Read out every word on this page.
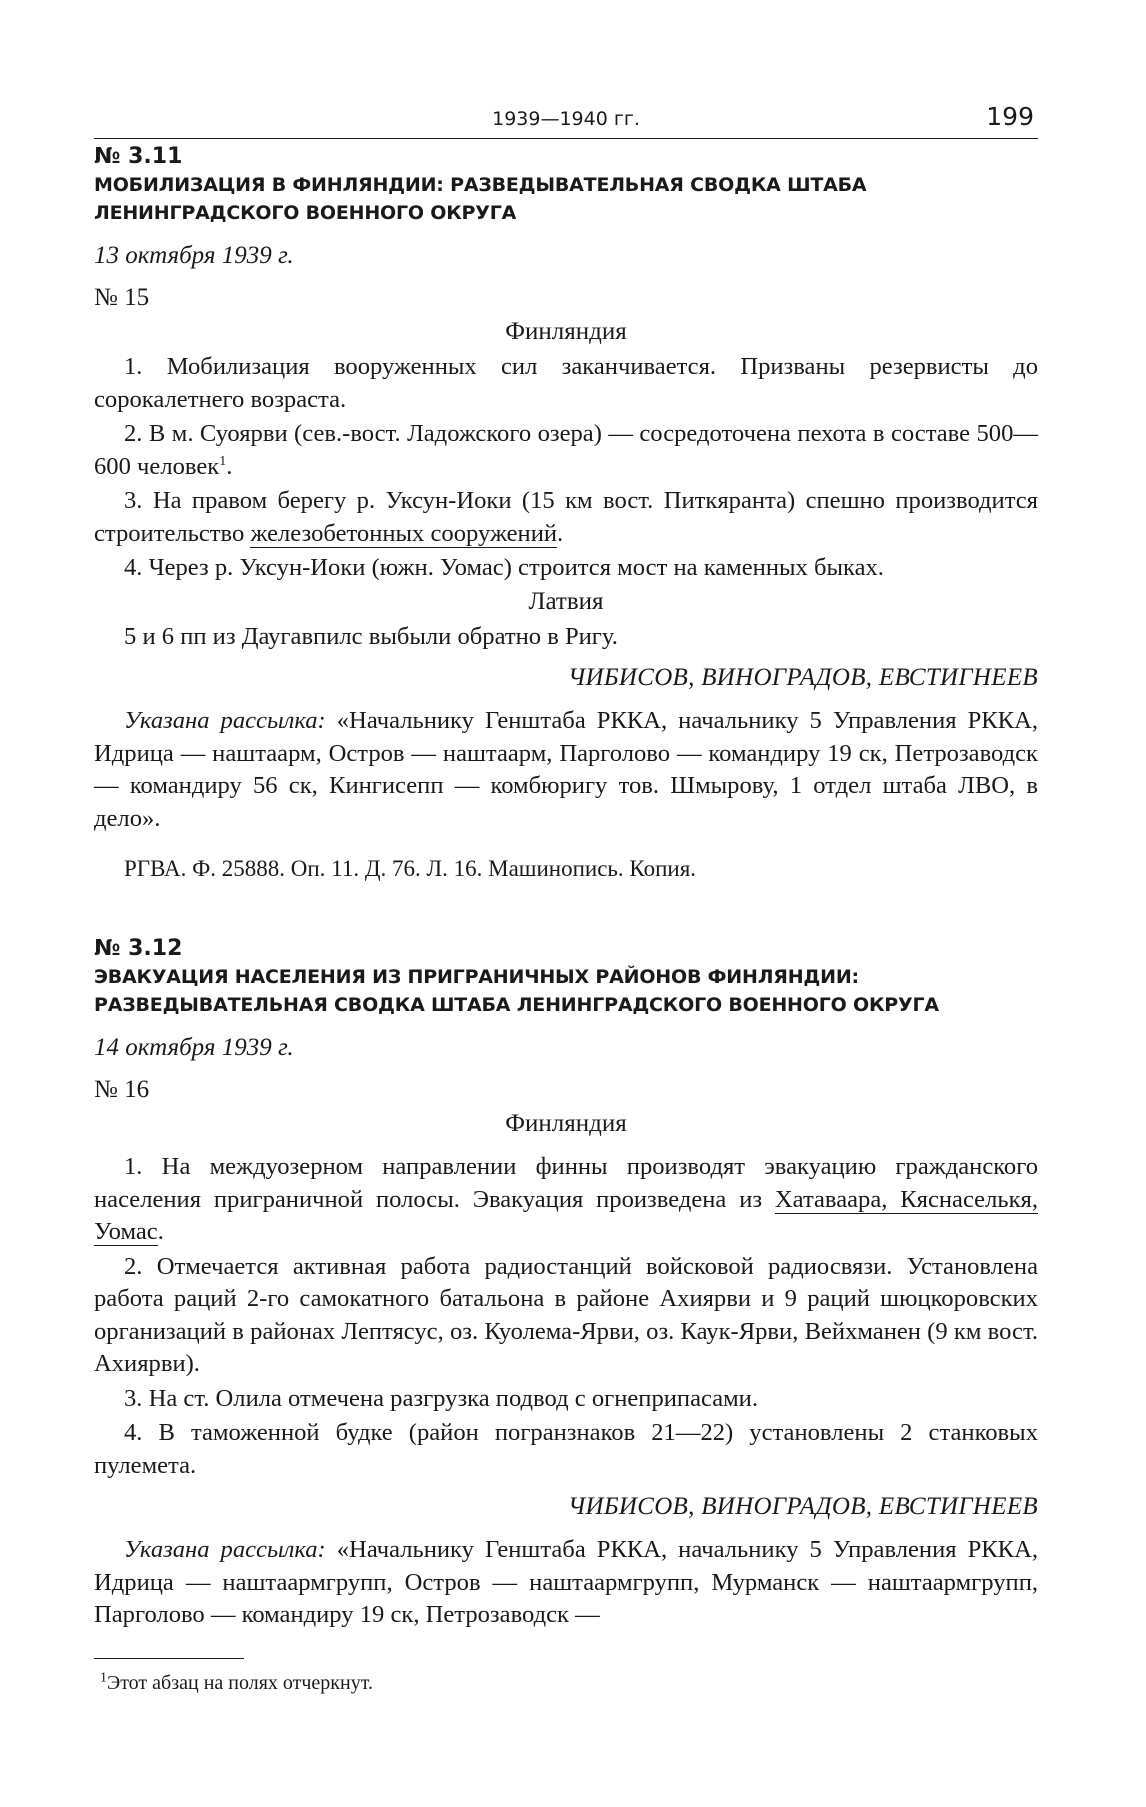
1939—1940 гг.	199
№ 3.11
МОБИЛИЗАЦИЯ В ФИНЛЯНДИИ: РАЗВЕДЫВАТЕЛЬНАЯ СВОДКА ШТАБА
ЛЕНИНГРАДСКОГО ВОЕННОГО ОКРУГА
13 октября 1939 г.
№ 15
Финляндия

1. Мобилизация вооруженных сил заканчивается. Призваны резервисты до сорокалетнего возраста.

2. В м. Суоярви (сев.-вост. Ладожского озера) — сосредоточена пехота в составе 500—600 человек$^1$.

3. На правом берегу р. Уксун-Иоки (15 км вост. Питкяранта) спешно производится строительство железобетонных сооружений.

4. Через р. Уксун-Иоки (южн. Уомас) строится мост на каменных быках.

Латвия

5 и 6 пп из Даугавпилс выбыли обратно в Ригу.

ЧИБИСОВ, ВИНОГРАДОВ, ЕВСТИГНЕЕВ

Указана рассылка: «Начальнику Генштаба РККА, начальнику 5 Управления РККА, Идрица — наштаарм, Остров — наштаарм, Парголово — командиру 19 ск, Петрозаводск — командиру 56 ск, Кингисепп — комбюригу тов. Шмырову, 1 отдел штаба ЛВО, в дело».

РГВА. Ф. 25888. Оп. 11. Д. 76. Л. 16. Машинопись. Копия.
№ 3.12
ЭВАКУАЦИЯ НАСЕЛЕНИЯ ИЗ ПРИГРАНИЧНЫХ РАЙОНОВ ФИНЛЯНДИИ:
РАЗВЕДЫВАТЕЛЬНАЯ СВОДКА ШТАБА ЛЕНИНГРАДСКОГО ВОЕННОГО ОКРУГА
14 октября 1939 г.
№ 16
Финляндия

1. На междуозерном направлении финны производят эвакуацию гражданского населения приграничной полосы. Эвакуация произведена из Хатаваара, Кяснаселькя, Уомас.

2. Отмечается активная работа радиостанций войсковой радиосвязи. Установлена работа раций 2-го самокатного батальона в районе Ахиярви и 9 раций шюцкоровских организаций в районах Лептясус, оз. Куолема-Ярви, оз. Каук-Ярви, Вейхманен (9 км вост. Ахиярви).

3. На ст. Олила отмечена разгрузка подвод с огнеприпасами.

4. В таможенной будке (район погранзнаков 21—22) установлены 2 станковых пулемета.

ЧИБИСОВ, ВИНОГРАДОВ, ЕВСТИГНЕЕВ

Указана рассылка: «Начальнику Генштаба РККА, начальнику 5 Управления РККА, Идрица — наштаармгрупп, Остров — наштаармгрупп, Мурманск — наштаармгрупп, Парголово — командиру 19 ск, Петрозаводск —

$^1$Этот абзац на полях отчеркнут.
